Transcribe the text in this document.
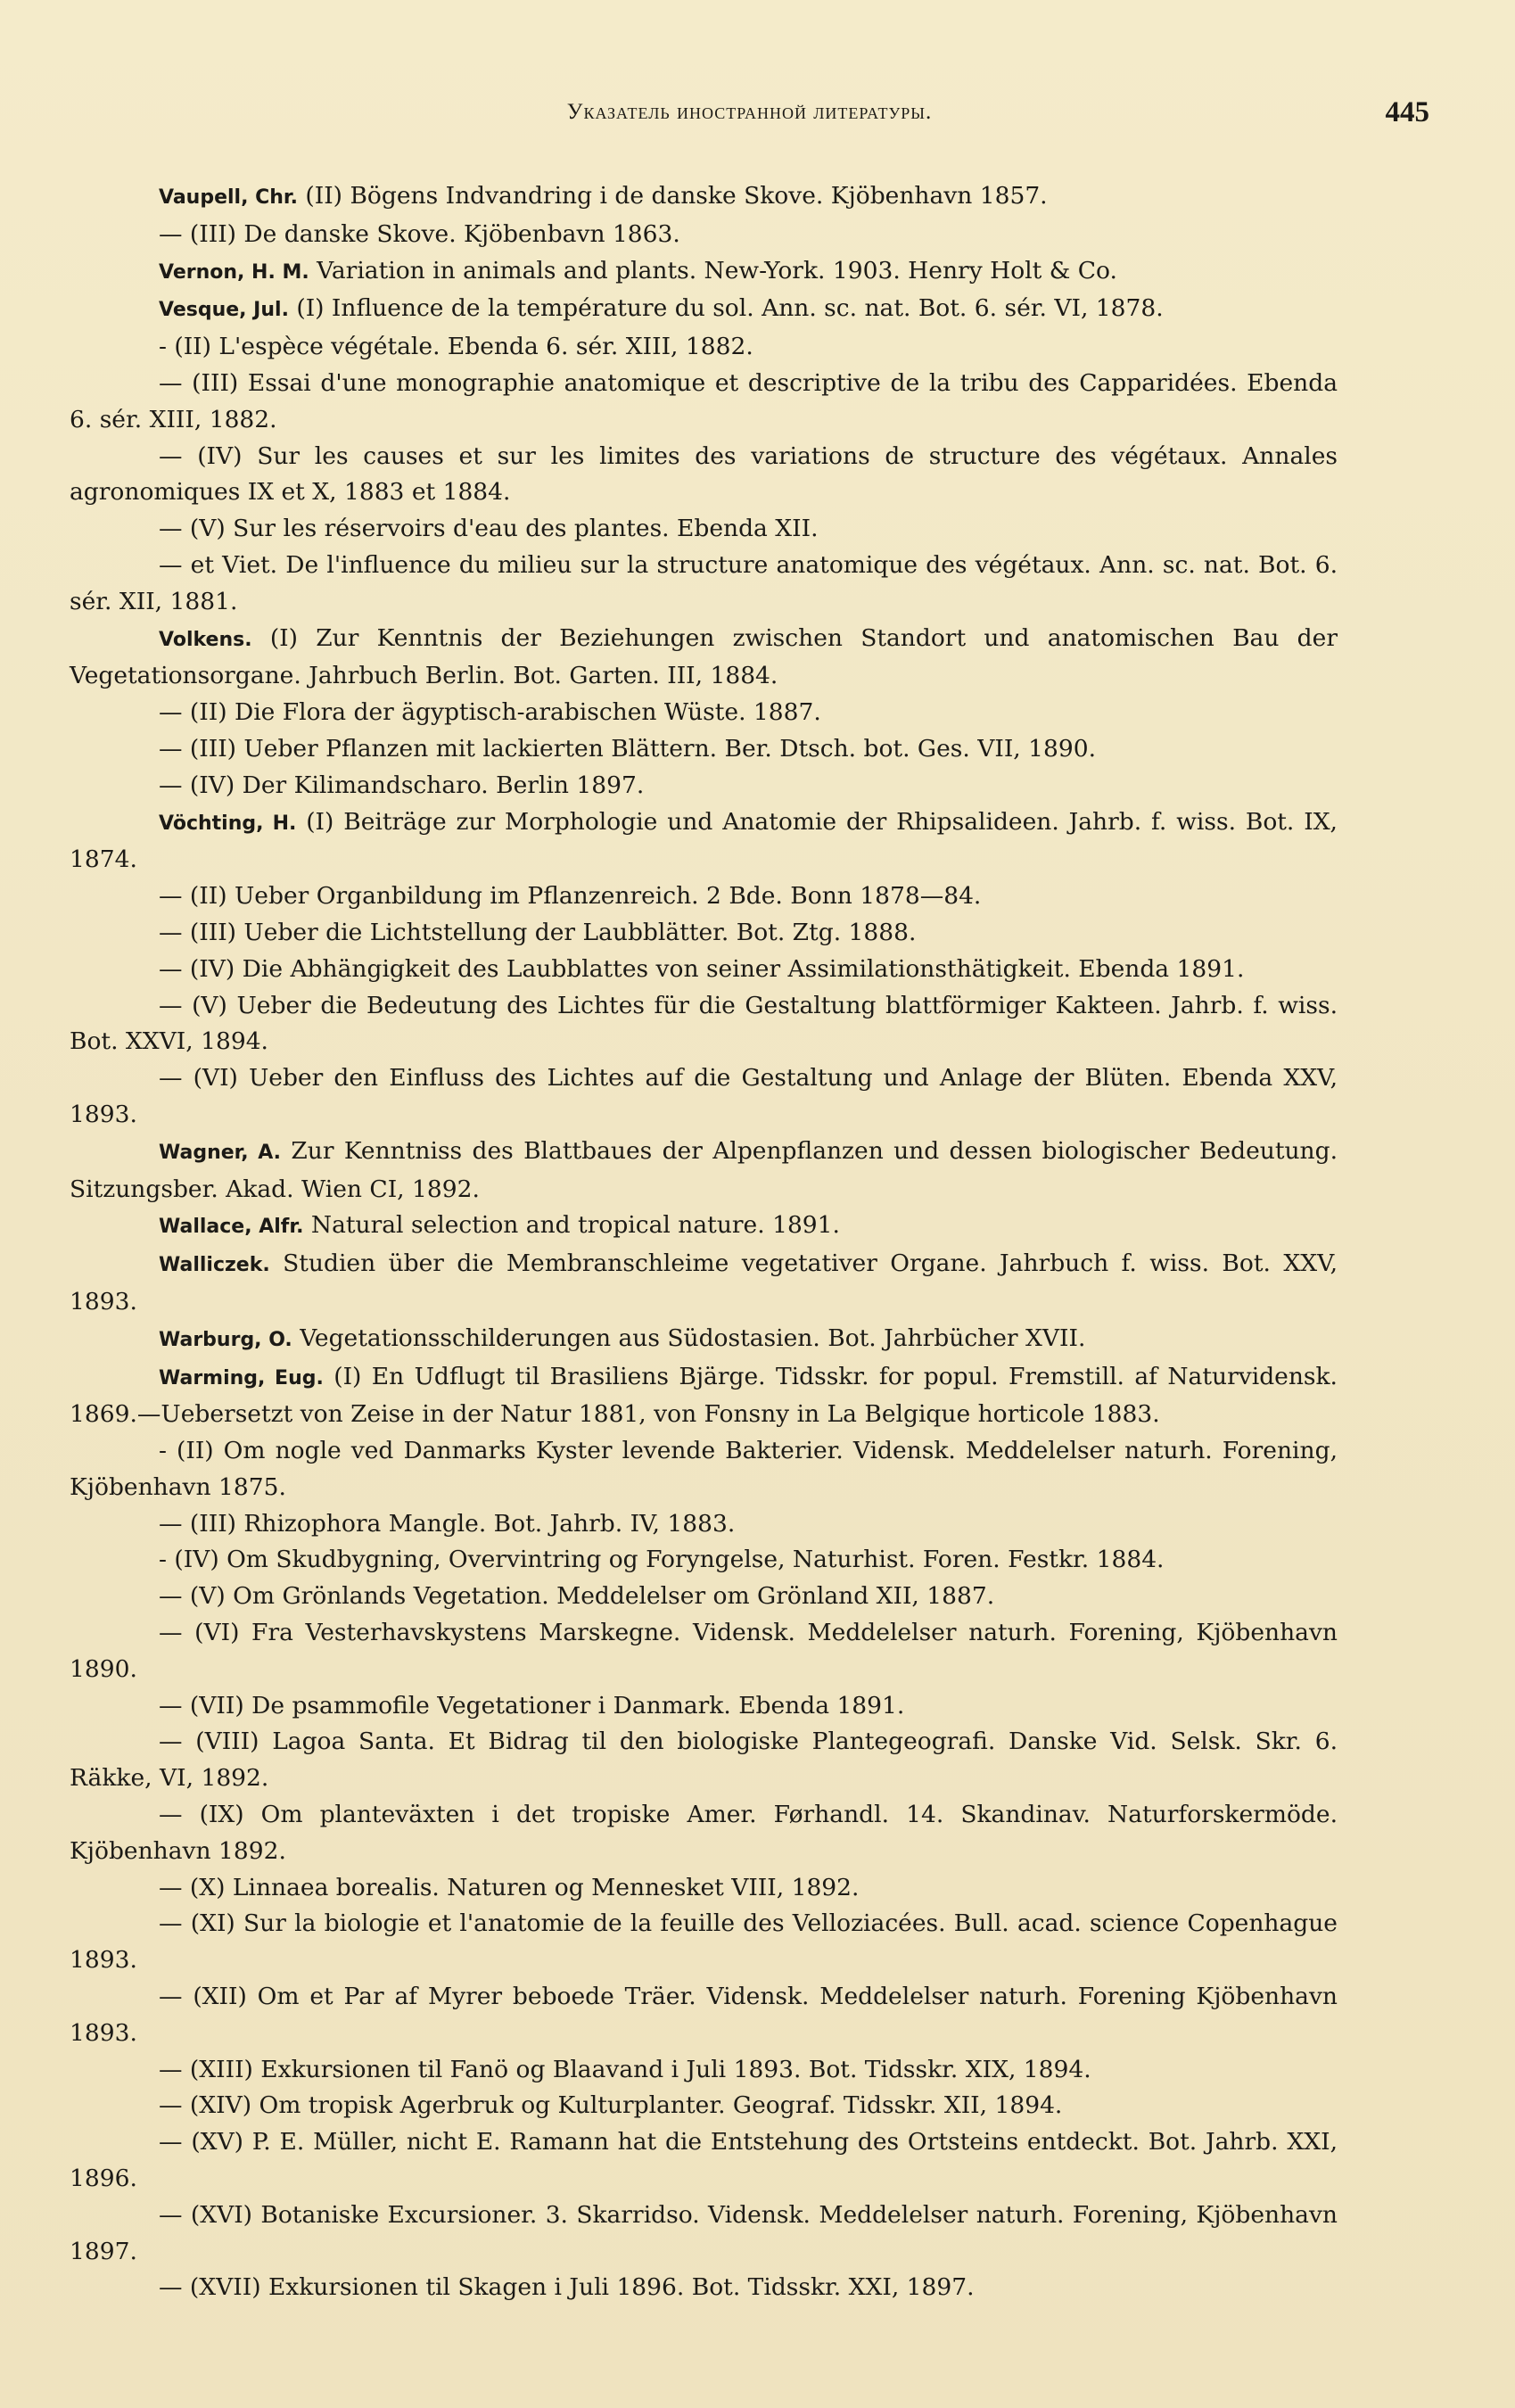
Указатель иностранной литературы.	445

Vaupell, Chr. (II) Bögens Indvandring i de danske Skove. Kjöbenhavn 1857.

— (III) De danske Skove. Kjöbenbavn 1863.

Vernon, H. M. Variation in animals and plants. New-York. 1903. Henry Holt & Co.

Vesque, Jul. (I) Influence de la température du sol. Ann. sc. nat. Bot. 6. sér. VI, 1878.

- (II) L'espèce végétale. Ebenda 6. sér. XIII, 1882.

— (III) Essai d'une monographie anatomique et descriptive de la tribu des Capparidées. Ebenda 6. sér. XIII, 1882.

— (IV) Sur les causes et sur les limites des variations de structure des végétaux. Annales agronomiques IX et X, 1883 et 1884.

— (V) Sur les réservoirs d'eau des plantes. Ebenda XII.

— et Viet. De l'influence du milieu sur la structure anatomique des végétaux. Ann. sc. nat. Bot. 6. sér. XII, 1881.

Volkens. (I) Zur Kenntnis der Beziehungen zwischen Standort und anatomischen Bau der Vegetationsorgane. Jahrbuch Berlin. Bot. Garten. III, 1884.

— (II) Die Flora der ägyptisch-arabischen Wüste. 1887.

— (III) Ueber Pflanzen mit lackierten Blättern. Ber. Dtsch. bot. Ges. VII, 1890.

— (IV) Der Kilimandscharo. Berlin 1897.

Vöchting, H. (I) Beiträge zur Morphologie und Anatomie der Rhipsalideen. Jahrb. f. wiss. Bot. IX, 1874.

— (II) Ueber Organbildung im Pflanzenreich. 2 Bde. Bonn 1878—84.

— (III) Ueber die Lichtstellung der Laubblätter. Bot. Ztg. 1888.

— (IV) Die Abhängigkeit des Laubblattes von seiner Assimilationsthätigkeit. Ebenda 1891.

— (V) Ueber die Bedeutung des Lichtes für die Gestaltung blattförmiger Kakteen. Jahrb. f. wiss. Bot. XXVI, 1894.

— (VI) Ueber den Einfluss des Lichtes auf die Gestaltung und Anlage der Blüten. Ebenda XXV, 1893.

Wagner, A. Zur Kenntniss des Blattbaues der Alpenpflanzen und dessen biologischer Bedeutung. Sitzungsber. Akad. Wien CI, 1892.

Wallace, Alfr. Natural selection and tropical nature. 1891.

Walliczek. Studien über die Membranschleime vegetativer Organe. Jahrbuch f. wiss. Bot. XXV, 1893.

Warburg, O. Vegetationsschilderungen aus Südostasien. Bot. Jahrbücher XVII.

Warming, Eug. (I) En Udflugt til Brasiliens Bjärge. Tidsskr. for popul. Fremstill. af Naturvidensk. 1869.—Uebersetzt von Zeise in der Natur 1881, von Fonsny in La Belgique horticole 1883.

- (II) Om nogle ved Danmarks Kyster levende Bakterier. Vidensk. Meddelelser naturh. Forening, Kjöbenhavn 1875.

— (III) Rhizophora Mangle. Bot. Jahrb. IV, 1883.

- (IV) Om Skudbygning, Overvintring og Foryngelse, Naturhist. Foren. Festkr. 1884.

— (V) Om Grönlands Vegetation. Meddelelser om Grönland XII, 1887.

— (VI) Fra Vesterhavskystens Marskegne. Vidensk. Meddelelser naturh. Forening, Kjöbenhavn 1890.

— (VII) De psammofile Vegetationer i Danmark. Ebenda 1891.

— (VIII) Lagoa Santa. Et Bidrag til den biologiske Plantegeografi. Danske Vid. Selsk. Skr. 6. Räkke, VI, 1892.

— (IX) Om planteväxten i det tropiske Amer. Førhandl. 14. Skandinav. Naturforskermöde. Kjöbenhavn 1892.

— (X) Linnaea borealis. Naturen og Mennesket VIII, 1892.

— (XI) Sur la biologie et l'anatomie de la feuille des Velloziacées. Bull. acad. science Copenhague 1893.

— (XII) Om et Par af Myrer beboede Träer. Vidensk. Meddelelser naturh. Forening Kjöbenhavn 1893.

— (XIII) Exkursionen til Fanö og Blaavand i Juli 1893. Bot. Tidsskr. XIX, 1894.

— (XIV) Om tropisk Agerbruk og Kulturplanter. Geograf. Tidsskr. XII, 1894.

— (XV) P. E. Müller, nicht E. Ramann hat die Entstehung des Ortsteins entdeckt. Bot. Jahrb. XXI, 1896.

— (XVI) Botaniske Excursioner. 3. Skarridso. Vidensk. Meddelelser naturh. Forening, Kjöbenhavn 1897.

— (XVII) Exkursionen til Skagen i Juli 1896. Bot. Tidsskr. XXI, 1897.
